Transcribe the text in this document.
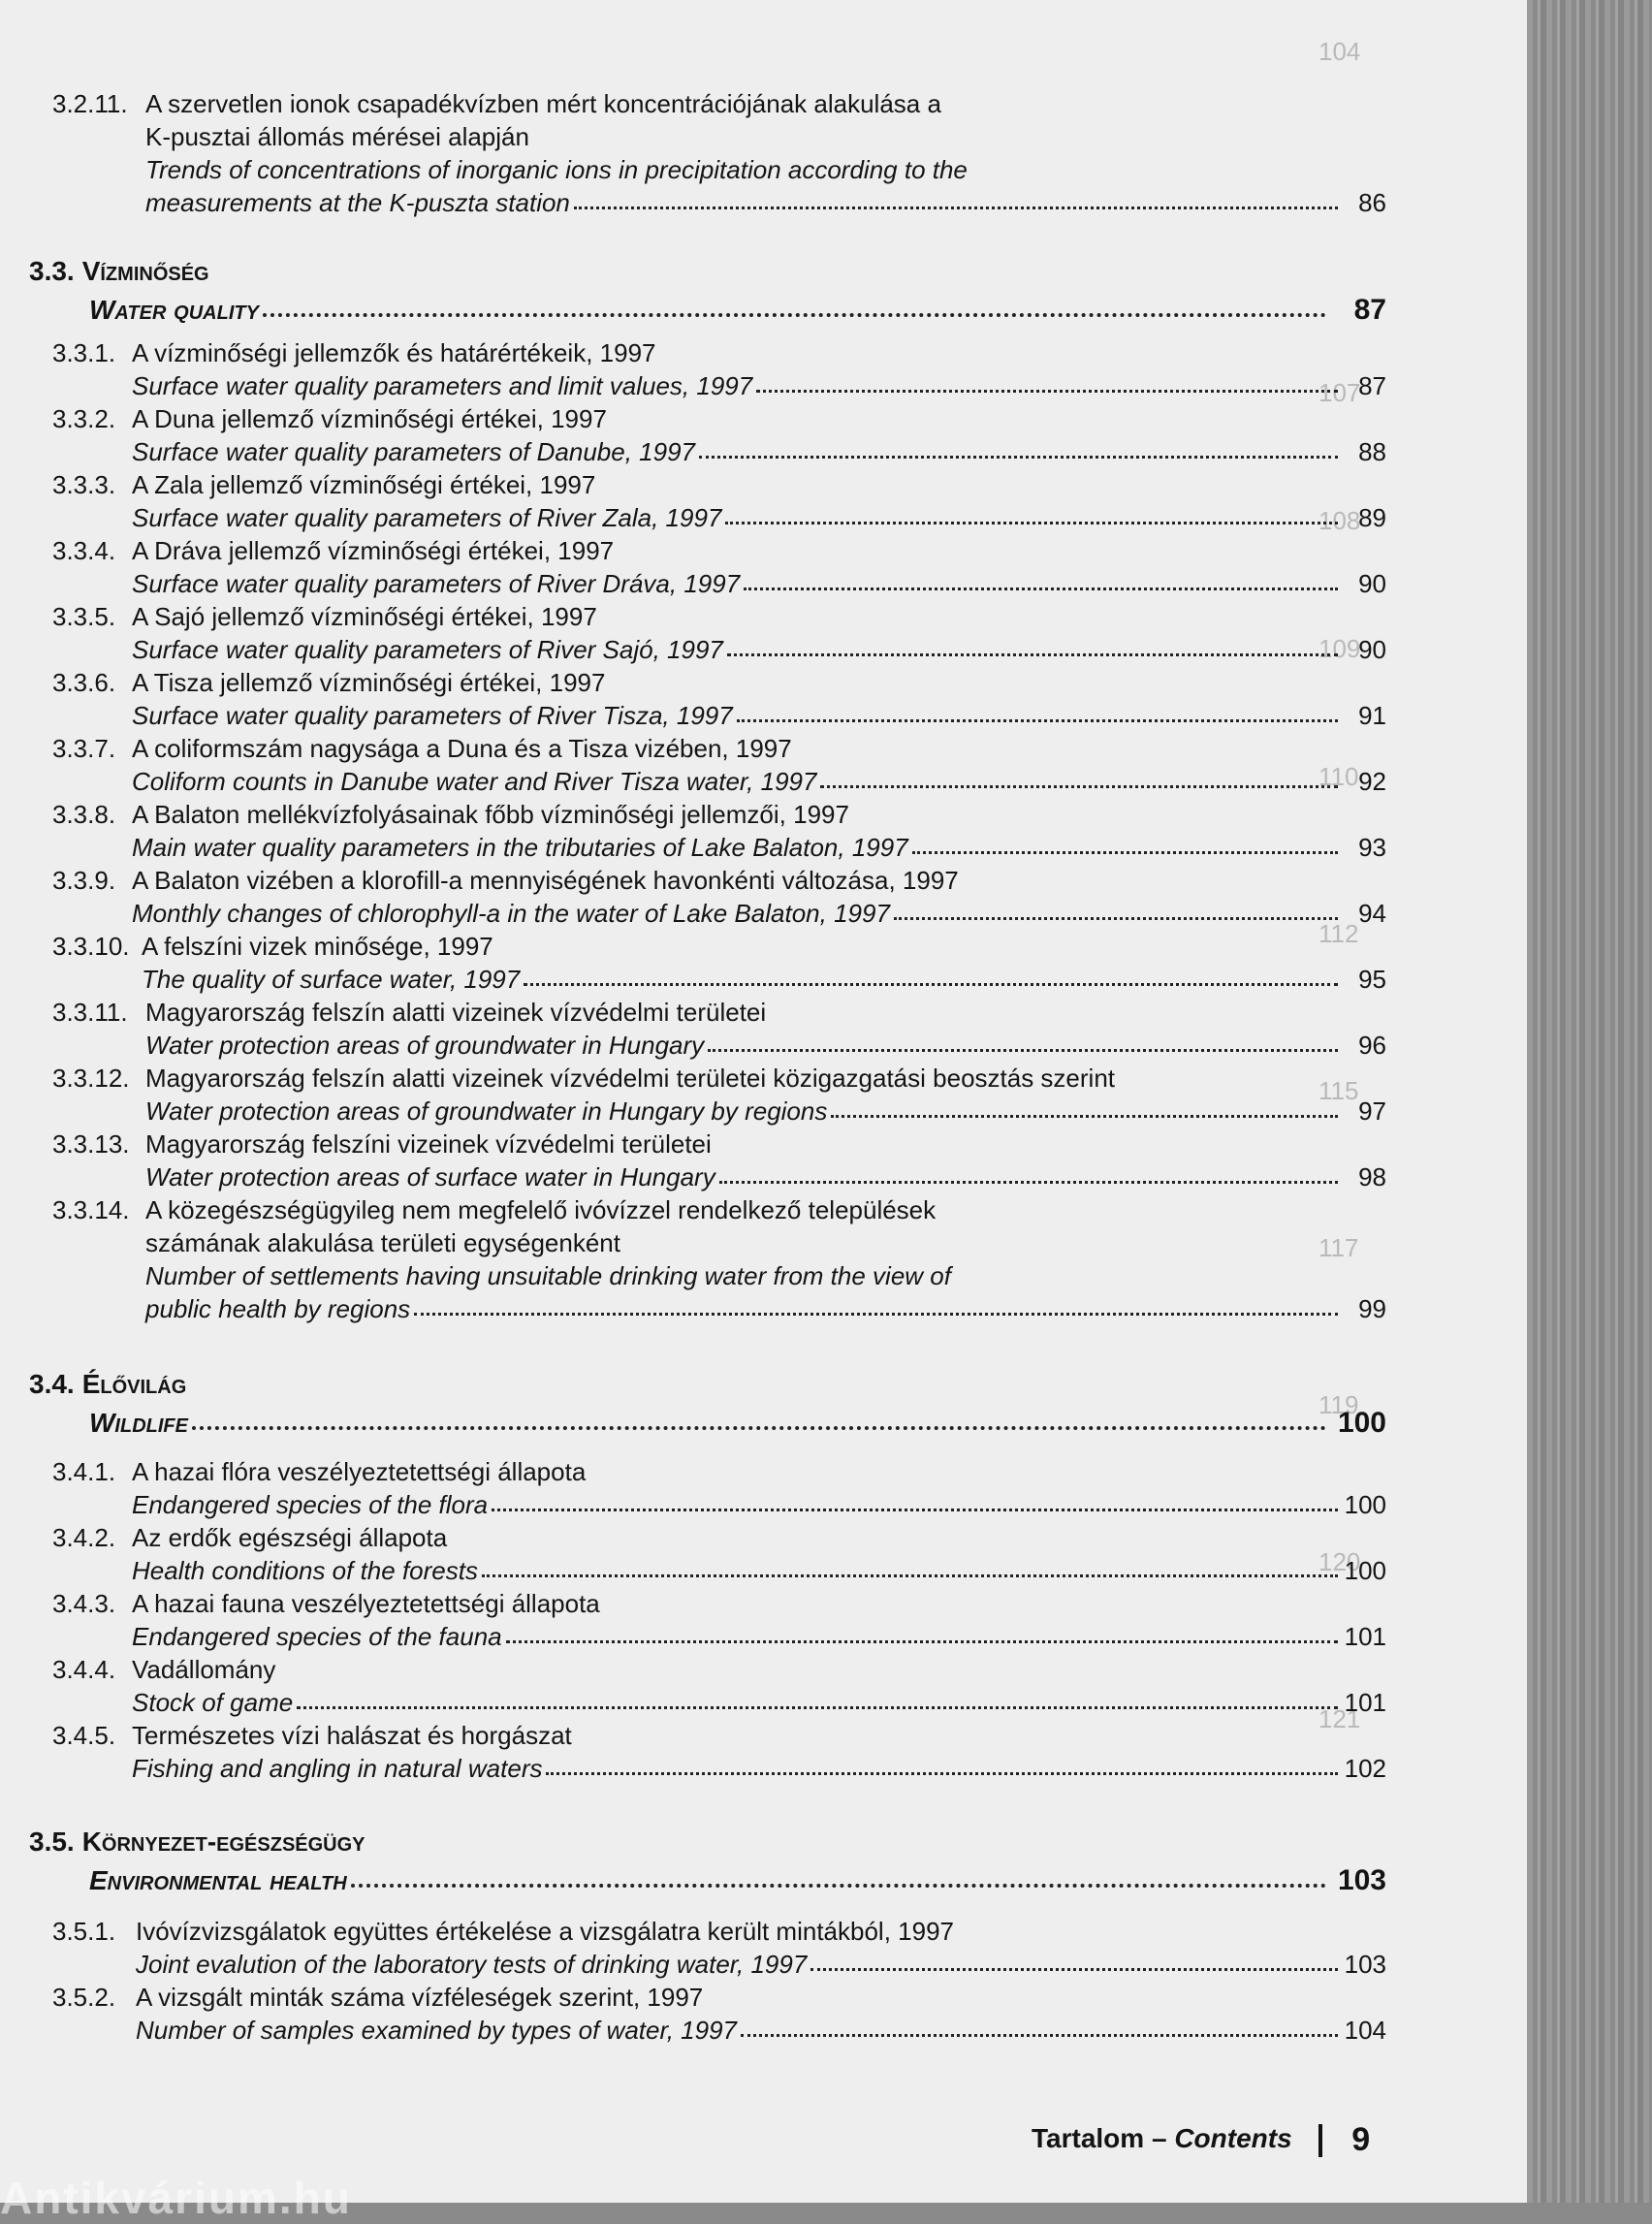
104
107
108
109
110
112
115
117
119
120
121
3.2.11. A szervetlen ionok csapadékvízben mért koncentrációjának alakulása a
K-pusztai állomás mérései alapján
Trends of concentrations of inorganic ions in precipitation according to the
measurements at the K-puszta station	86
3.3.1. A vízminőségi jellemzők és határértékeik, 1997
Surface water quality parameters and limit values, 1997	87
3.3.2. A Duna jellemző vízminőségi értékei, 1997
Surface water quality parameters of Danube, 1997	88
3.3.3. A Zala jellemző vízminőségi értékei, 1997
Surface water quality parameters of River Zala, 1997	89
3.3.4. A Dráva jellemző vízminőségi értékei, 1997
Surface water quality parameters of River Dráva, 1997	90
3.3.5. A Sajó jellemző vízminőségi értékei, 1997
Surface water quality parameters of River Sajó, 1997	90
3.3.6. A Tisza jellemző vízminőségi értékei, 1997
Surface water quality parameters of River Tisza, 1997	91
3.3.7. A coliformszám nagysága a Duna és a Tisza vizében, 1997
Coliform counts in Danube water and River Tisza water, 1997	92
3.3.8. A Balaton mellékvízfolyásainak főbb vízminőségi jellemzői, 1997
Main water quality parameters in the tributaries of Lake Balaton, 1997	93
3.3.9. A Balaton vizében a klorofill-a mennyiségének havonkénti változása, 1997
Monthly changes of chlorophyll-a in the water of Lake Balaton, 1997	94
3.3.10. A felszíni vizek minősége, 1997
The quality of surface water, 1997	95
3.3.11. Magyarország felszín alatti vizeinek vízvédelmi területei
Water protection areas of groundwater in Hungary	96
3.3.12. Magyarország felszín alatti vizeinek vízvédelmi területei közigazgatási beosztás szerint
Water protection areas of groundwater in Hungary by regions	97
3.3.13. Magyarország felszíni vizeinek vízvédelmi területei
Water protection areas of surface water in Hungary	98
3.3.14. A közegészségügyileg nem megfelelő ivóvízzel rendelkező települések
számának alakulása területi egységenként
Number of settlements having unsuitable drinking water from the view of
public health by regions	99
3.4.1. A hazai flóra veszélyeztetettségi állapota
Endangered species of the flora	100
3.4.2. Az erdők egészségi állapota
Health conditions of the forests	100
3.4.3. A hazai fauna veszélyeztetettségi állapota
Endangered species of the fauna	101
3.4.4. Vadállomány
Stock of game	101
3.4.5. Természetes vízi halászat és horgászat
Fishing and angling in natural waters	102
3.5.1. Ivóvízvizsgálatok együttes értékelése a vizsgálatra került mintákból, 1997
Joint evalution of the laboratory tests of drinking water, 1997	103
3.5.2. A vizsgált minták száma vízféleségek szerint, 1997
Number of samples examined by types of water, 1997	104
3.3. Vízminőség
Water quality	87
3.4. Élővilág
Wildlife	100
3.5. Környezet-egészségügy
Environmental health	103
Tartalom – Contents 9
Antikvárium.hu
